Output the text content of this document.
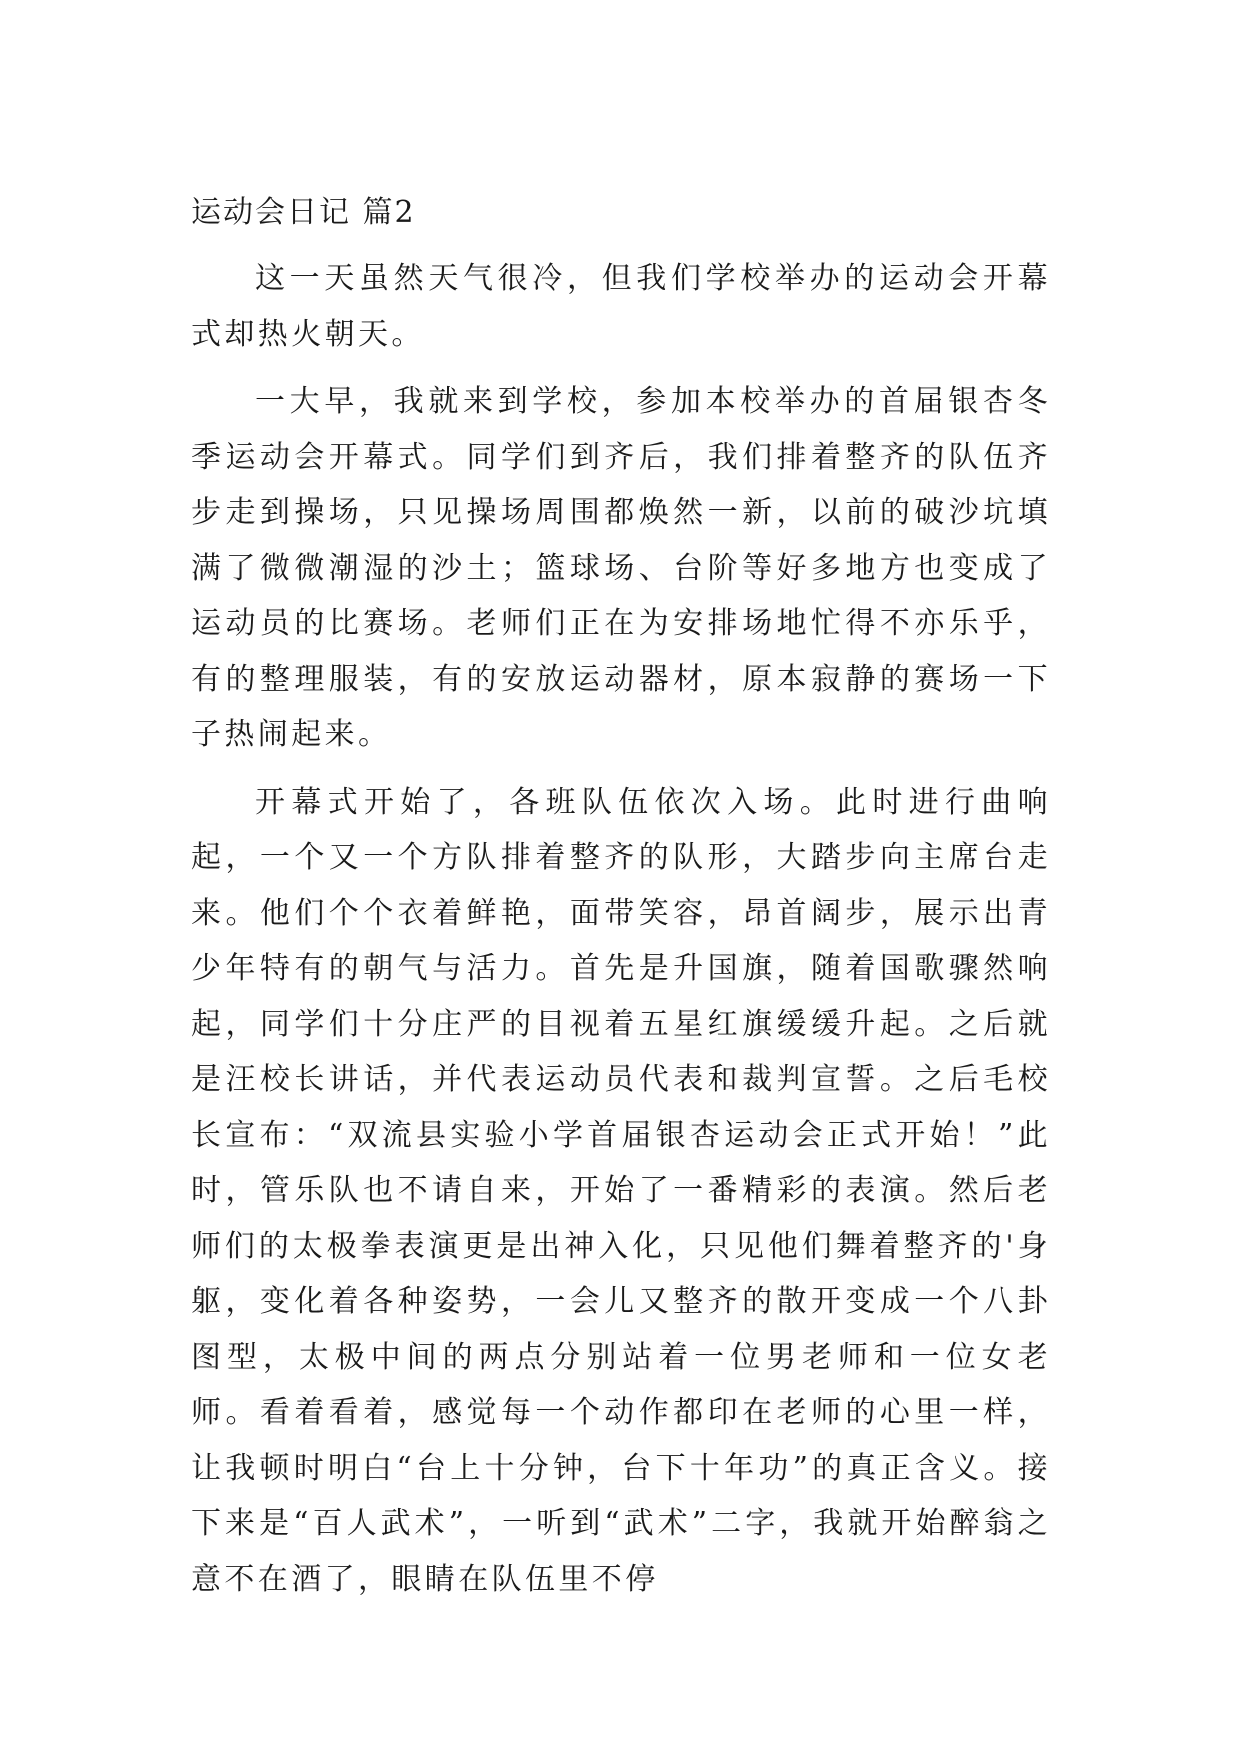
运动会日记 篇2

这一天虽然天气很冷，但我们学校举办的运动会开幕式却热火朝天。

一大早，我就来到学校，参加本校举办的首届银杏冬季运动会开幕式。同学们到齐后，我们排着整齐的队伍齐步走到操场，只见操场周围都焕然一新，以前的破沙坑填满了微微潮湿的沙土；篮球场、台阶等好多地方也变成了运动员的比赛场。老师们正在为安排场地忙得不亦乐乎，有的整理服装，有的安放运动器材，原本寂静的赛场一下子热闹起来。

开幕式开始了，各班队伍依次入场。此时进行曲响起，一个又一个方队排着整齐的队形，大踏步向主席台走来。他们个个衣着鲜艳，面带笑容，昂首阔步，展示出青少年特有的朝气与活力。首先是升国旗，随着国歌骤然响起，同学们十分庄严的目视着五星红旗缓缓升起。之后就是汪校长讲话，并代表运动员代表和裁判宣誓。之后毛校长宣布：“双流县实验小学首届银杏运动会正式开始！”此时，管乐队也不请自来，开始了一番精彩的表演。然后老师们的太极拳表演更是出神入化，只见他们舞着整齐的'身躯，变化着各种姿势，一会儿又整齐的散开变成一个八卦图型，太极中间的两点分别站着一位男老师和一位女老师。看着看着，感觉每一个动作都印在老师的心里一样，让我顿时明白“台上十分钟，台下十年功”的真正含义。接下来是“百人武术”，一听到“武术”二字，我就开始醉翁之意不在酒了，眼睛在队伍里不停
